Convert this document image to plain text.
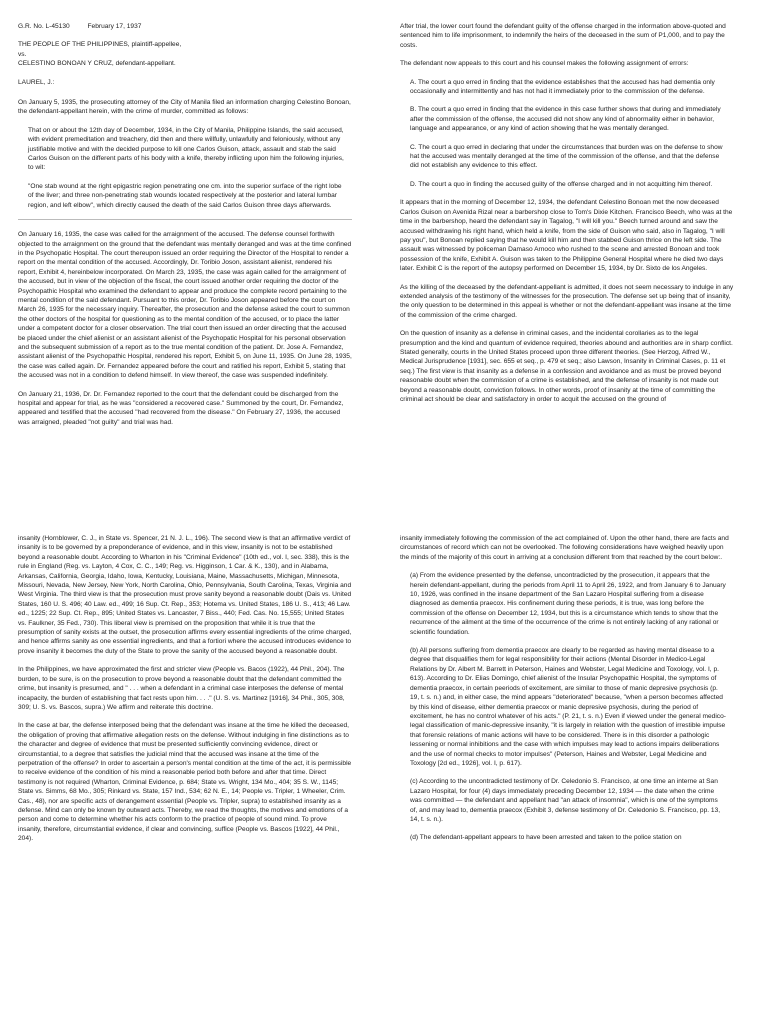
G.R. No. L-45130	February 17, 1937
THE PEOPLE OF THE PHILIPPINES, plaintiff-appellee,
vs.
CELESTINO BONOAN Y CRUZ, defendant-appellant.
LAUREL, J.:

On January 5, 1935, the prosecuting attorney of the City of Manila filed an information charging Celestino Bonoan, the defendant-appellant herein, with the crime of murder, committed as follows:

That on or about the 12th day of December, 1934, in the City of Manila, Philippine Islands, the said accused, with evident premeditation and treachery, did then and there willfully, unlawfully and feloniously, without any justifiable motive and with the decided purpose to kill one Carlos Guison, attack, assault and stab the said Carlos Guison on the different parts of his body with a knife, thereby inflicting upon him the following injuries, to wit:

"One stab wound at the right epigastric region penetrating one cm. into the superior surface of the right lobe of the liver; and three non-penetrating stab wounds located respectively at the posterior and lateral lumbar region, and left elbow", which directly caused the death of the said Carlos Guison three days afterwards.

On January 16, 1935, the case was called for the arraignment of the accused. The defense counsel forthwith objected to the arraignment on the ground that the defendant was mentally deranged and was at the time confined in the Psychopatic Hospital. The court thereupon issued an order requiring the Director of the Hospital to render a report on the mental condition of the accused. Accordingly, Dr. Toribio Joson, assistant alienist, rendered his report, Exhibit 4, hereinbelow incorporated. On March 23, 1935, the case was again called for the arraignment of the accused, but in view of the objection of the fiscal, the court issued another order requiring the doctor of the Psychopathic Hospital who examined the defendant to appear and produce the complete record pertaining to the mental condition of the said defendant. Pursuant to this order, Dr. Toribio Joson appeared before the court on March 26, 1935 for the necessary inquiry. Thereafter, the prosecution and the defense asked the court to summon the other doctors of the hospital for questioning as to the mental condition of the accused, or to place the latter under a competent doctor for a closer observation. The trial court then issued an order directing that the accused be placed under the chief alienist or an assistant alienist of the Psychopatic Hospital for his personal observation and the subsequent submission of a report as to the true mental condition of the patient. Dr. Jose A. Fernandez, assistant alienist of the Psychopathic Hospital, rendered his report, Exhibit 5, on June 11, 1935. On June 28, 1935, the case was called again. Dr. Fernandez appeared before the court and ratified his report, Exhibit 5, stating that the accused was not in a condition to defend himself. In view thereof, the case was suspended indefinitely.

On January 21, 1936, Dr. Dr. Fernandez reported to the court that the defendant could be discharged from the hospital and appear for trial, as he was "considered a recovered case." Summoned by the court, Dr. Fernandez, appeared and testified that the accused "had recovered from the disease." On February 27, 1936, the accused was arraigned, pleaded "not guilty" and trial was had.

After trial, the lower court found the defendant guilty of the offense charged in the information above-quoted and sentenced him to life imprisonment, to indemnify the heirs of the deceased in the sum of P1,000, and to pay the costs.

The defendant now appeals to this court and his counsel makes the following assignment of errors:

A. The court a quo erred in finding that the evidence establishes that the accused has had dementia only occasionally and intermittently and has not had it immediately prior to the commission of the defense.

B. The court a quo erred in finding that the evidence in this case further shows that during and immediately after the commission of the offense, the accused did not show any kind of abnormality either in behavior, language and appearance, or any kind of action showing that he was mentally deranged.

C. The court a quo erred in declaring that under the circumstances that burden was on the defense to show hat the accused was mentally deranged at the time of the commission of the offense, and that the defense did not establish any evidence to this effect.

D. The court a quo in finding the accused guilty of the offense charged and in not acquitting him thereof.

It appears that in the morning of December 12, 1934, the defendant Celestino Bonoan met the now deceased Carlos Guison on Avenida Rizal near a barbershop close to Tom's Dixie Kitchen. Francisco Beech, who was at the time in the barbershop, heard the defendant say in Tagalog, "I will kill you." Beech turned around and saw the accused withdrawing his right hand, which held a knife, from the side of Guison who said, also in Tagalog, "I will pay you", but Bonoan replied saying that he would kill him and then stabbed Guison thrice on the left side. The assault was witnessed by policeman Damaso Arnoco who rushed to the scene and arrested Bonoan and took possession of the knife, Exhibit A. Guison was taken to the Philippine General Hospital where he died two days later. Exhibit C is the report of the autopsy performed on December 15, 1934, by Dr. Sixto de los Angeles.

As the killing of the deceased by the defendant-appellant is admitted, it does not seem necessary to indulge in any extended analysis of the testimony of the witnesses for the prosecution. The defense set up being that of insanity, the only question to be determined in this appeal is whether or not the defendant-appellant was insane at the time of the commission of the crime charged.

On the question of insanity as a defense in criminal cases, and the incidental corollaries as to the legal presumption and the kind and quantum of evidence required, theories abound and authorities are in sharp conflict. Stated generally, courts in the United States proceed upon three different theories. (See Herzog, Alfred W., Medical Jurisprudence [1931], sec. 655 et seq., p. 479 et seq.; also Lawson, Insanity in Criminal Cases, p. 11 et seq.) The first view is that insanity as a defense in a confession and avoidance and as must be proved beyond reasonable doubt when the commission of a crime is established, and the defense of insanity is not made out beyond a reasonable doubt, conviction follows. In other words, proof of insanity at the time of committing the criminal act should be clear and satisfactory in order to acquit the accused on the ground of

insanity (Hornblower, C. J., in State vs. Spencer, 21 N. J. L., 196). The second view is that an affirmative verdict of insanity is to be governed by a preponderance of evidence, and in this view, insanity is not to be established beyond a reasonable doubt. According to Wharton in his "Criminal Evidence" (10th ed., vol. I, sec. 338), this is the rule in England (Reg. vs. Layton, 4 Cox, C. C., 149; Reg. vs. Higginson, 1 Car. & K., 130), and in Alabama, Arkansas, California, Georgia, Idaho, Iowa, Kentucky, Louisiana, Maine, Massachusetts, Michigan, Minnesota, Missouri, Nevada, New Jersey, New York, North Carolina, Ohio, Pennsylvania, South Carolina, Texas, Virginia and West Virginia. The third view is that the prosecution must prove sanity beyond a reasonable doubt (Dais vs. United States, 160 U. S. 496; 40 Law. ed., 499; 16 Sup. Ct. Rep., 353; Hotema vs. United States, 186 U. S., 413; 46 Law. ed., 1225; 22 Sup. Ct. Rep., 895; United States vs. Lancaster, 7 Biss., 440; Fed. Cas. No. 15,555; United States vs. Faulkner, 35 Fed., 730). This liberal view is premised on the proposition that while it is true that the presumption of sanity exists at the outset, the prosecution affirms every essential ingredients of the crime charged, and hence affirms sanity as one essential ingredients, and that a fortiori where the accused introduces evidence to prove insanity it becomes the duty of the State to prove the sanity of the accused beyond a reasonable doubt.

In the Philippines, we have approximated the first and stricter view (People vs. Bacos (1922), 44 Phil., 204). The burden, to be sure, is on the prosecution to prove beyond a reasonable doubt that the defendant committed the crime, but insanity is presumed, and " . . . when a defendant in a criminal case interposes the defense of mental incapacity, the burden of establishing that fact rests upon him. . . ." (U. S. vs. Martinez [1916], 34 Phil., 305, 308, 309; U. S. vs. Bascos, supra.) We affirm and reiterate this doctrine.

In the case at bar, the defense interposed being that the defendant was insane at the time he killed the deceased, the obligation of proving that affirmative allegation rests on the defense. Without indulging in fine distinctions as to the character and degree of evidence that must be presented sufficiently convincing evidence, direct or circumstantial, to a degree that satisfies the judicial mind that the accused was insane at the time of the perpetration of the offense? In order to ascertain a person's mental condition at the time of the act, it is permissible to receive evidence of the condition of his mind a reasonable period both before and after that time. Direct testimony is not required (Wharton, Criminal Evidence, p. 684; State vs. Wright, 134 Mo., 404; 35 S. W., 1145; State vs. Simms, 68 Mo., 305; Rinkard vs. State, 157 Ind., 534; 62 N. E., 14; People vs. Tripler, 1 Wheeler, Crim. Cas., 48), nor are specific acts of derangement essential (People vs. Tripler, supra) to established insanity as a defense. Mind can only be known by outward acts. Thereby, we read the thoughts, the motives and emotions of a person and come to determine whether his acts conform to the practice of people of sound mind. To prove insanity, therefore, circumstantial evidence, if clear and convincing, suffice (People vs. Bascos [1922], 44 Phil., 204).

insanity immediately following the commission of the act complained of. Upon the other hand, there are facts and circumstances of record which can not be overlooked. The following considerations have weighed heavily upon the minds of the majority of this court in arriving at a conclusion different from that reached by the court below:.

(a) From the evidence presented by the defense, uncontradicted by the prosecution, it appears that the herein defendant-appellant, during the periods from April 11 to April 26, 1922, and from January 6 to January 10, 1926, was confined in the insane department of the San Lazaro Hospital suffering from a disease diagnosed as dementia praecox. His confinement during these periods, it is true, was long before the commission of the offense on December 12, 1934, but this is a circumstance which tends to show that the recurrence of the ailment at the time of the occurrence of the crime is not entirely lacking of any rational or scientific foundation.

(b) All persons suffering from dementia praecox are clearly to be regarded as having mental disease to a degree that disqualifies them for legal responsibility for their actions (Mental Disorder in Medico-Legal Relations by Dr. Albert M. Barrett in Peterson, Haines and Webster, Legal Medicine and Toxology, vol. I, p. 613). According to Dr. Elias Domingo, chief alienist of the Insular Psychopathic Hospital, the symptoms of dementia praecox, in certain peeriods of excitement, are similar to those of manic depresive psychosis (p. 19, t. s. n.) and, in either case, the mind appears "deteriorated" because, "when a person becomes affected by this kind of disease, either dementia praecox or manic depresive psychosis, during the period of excitement, he has no control whatever of his acts." (P. 21, t. s. n.) Even if viewed under the general medico-legal classification of manic-depressive insanity, "it is largely in relation with the question of irrestible impulse that forensic relations of manic actions will have to be considered. There is in this disorder a pathologic lessening or normal inhibitions and the case with which impulses may lead to actions impairs deliberations and the use of normal checks to motor impulses" (Peterson, Haines and Webster, Legal Medicine and Toxology [2d ed., 1926], vol. I, p. 617).

(c) According to the uncontradicted testimony of Dr. Celedonio S. Francisco, at one time an interne at San Lazaro Hospital, for four (4) days immediately preceding December 12, 1934 — the date when the crime was committed — the defendant and appellant had "an attack of insomnia", which is one of the symptoms of, and may lead to, dementia praecox (Exhibit 3, defense testimony of Dr. Celedonio S. Francisco, pp. 13, 14, t. s. n.).

(d) The defendant-appellant appears to have been arrested and taken to the police station on
